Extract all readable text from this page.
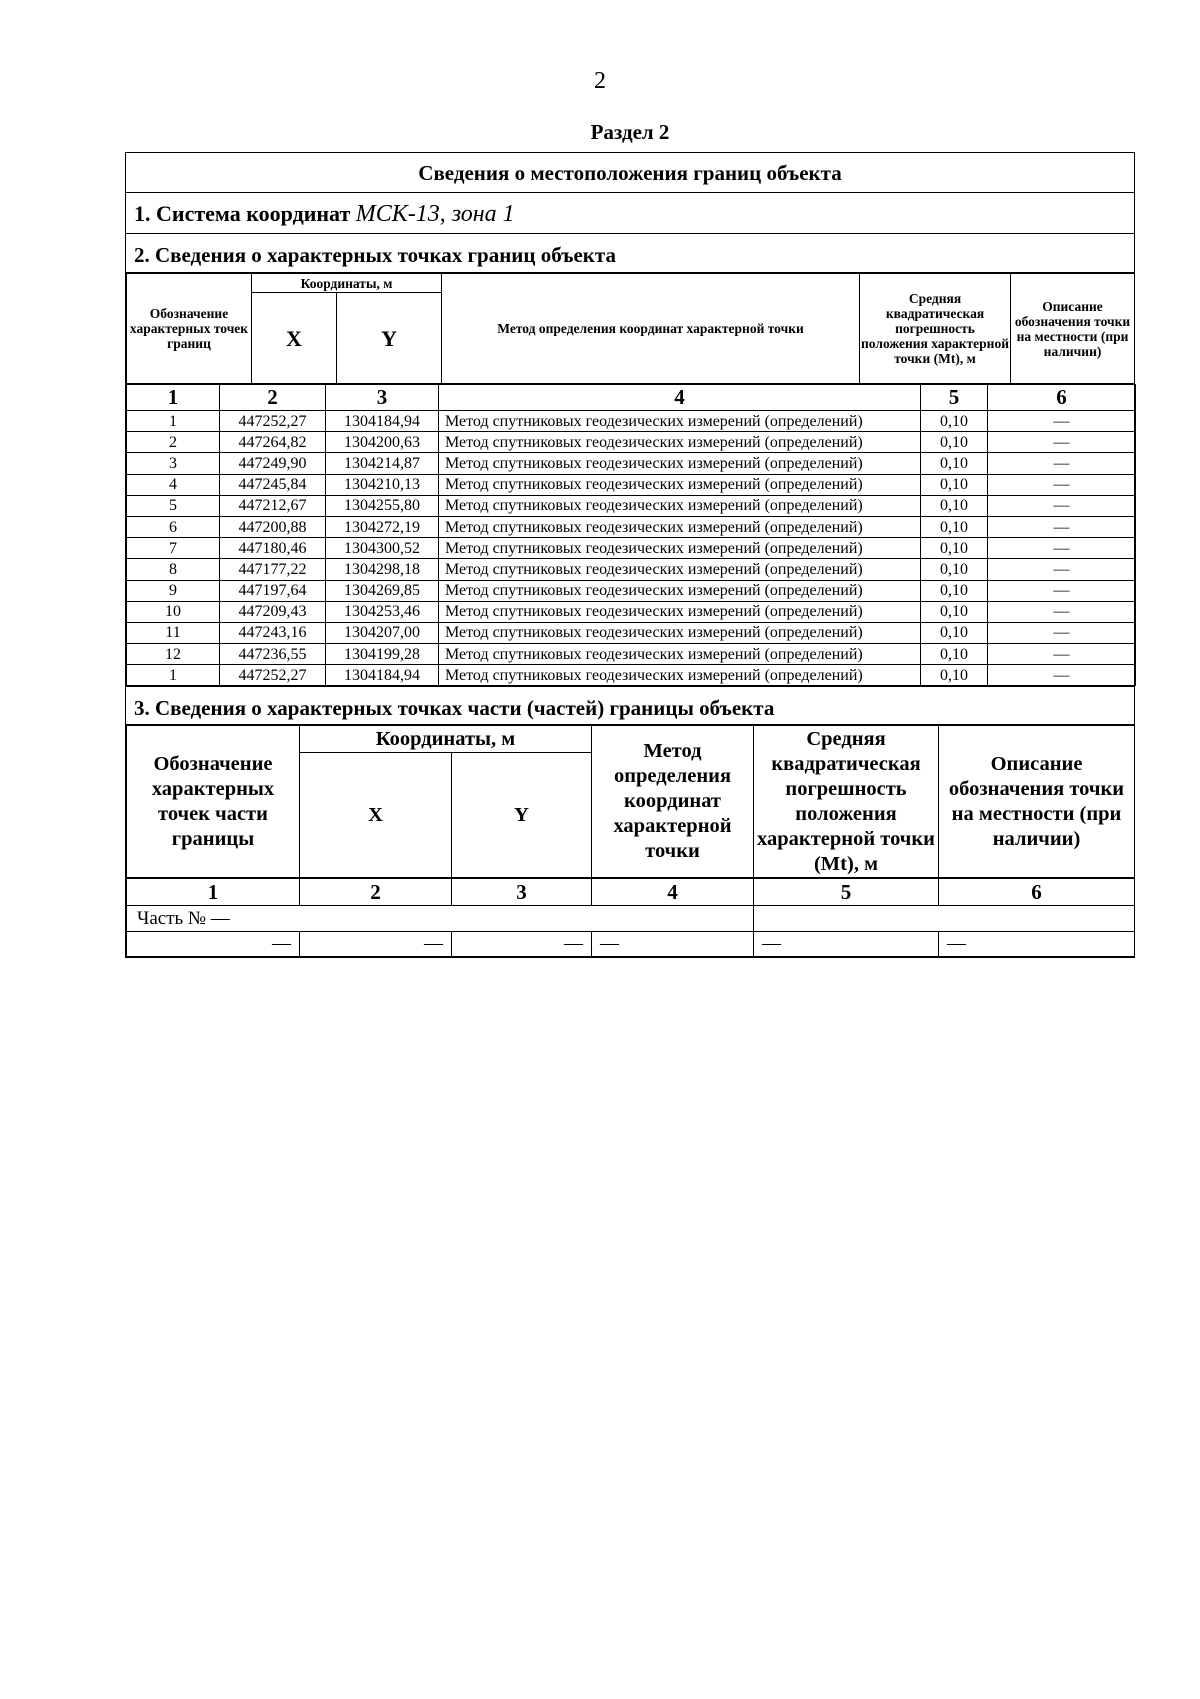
2
Раздел 2
Сведения о местоположения границ объекта
1. Система координат МСК-13, зона 1
2. Сведения о характерных точках границ объекта
Обозначение характерных точек границ	Координаты, м		Метод определения координат характерной точки	Средняя квадратическая погрешность положения характерной точки (Mt), м	Описание обозначения точки на местности (при наличии)
	X	Y			
1	2	3	4	5	6
1	447252,27	1304184,94	Метод спутниковых геодезических измерений (определений)	0,10	—
2	447264,82	1304200,63	Метод спутниковых геодезических измерений (определений)	0,10	—
3	447249,90	1304214,87	Метод спутниковых геодезических измерений (определений)	0,10	—
4	447245,84	1304210,13	Метод спутниковых геодезических измерений (определений)	0,10	—
5	447212,67	1304255,80	Метод спутниковых геодезических измерений (определений)	0,10	—
6	447200,88	1304272,19	Метод спутниковых геодезических измерений (определений)	0,10	—
7	447180,46	1304300,52	Метод спутниковых геодезических измерений (определений)	0,10	—
8	447177,22	1304298,18	Метод спутниковых геодезических измерений (определений)	0,10	—
9	447197,64	1304269,85	Метод спутниковых геодезических измерений (определений)	0,10	—
10	447209,43	1304253,46	Метод спутниковых геодезических измерений (определений)	0,10	—
11	447243,16	1304207,00	Метод спутниковых геодезических измерений (определений)	0,10	—
12	447236,55	1304199,28	Метод спутниковых геодезических измерений (определений)	0,10	—
1	447252,27	1304184,94	Метод спутниковых геодезических измерений (определений)	0,10	—
3. Сведения о характерных точках части (частей) границы объекта
Обозначение характерных точек части границы	Координаты, м		Метод определения координат характерной точки	Средняя квадратическая погрешность положения характерной точки (Mt), м	Описание обозначения точки на местности (при наличии)
	X	Y			
1	2	3	4	5	6
Часть № —					
—	—	—	—	—	—
